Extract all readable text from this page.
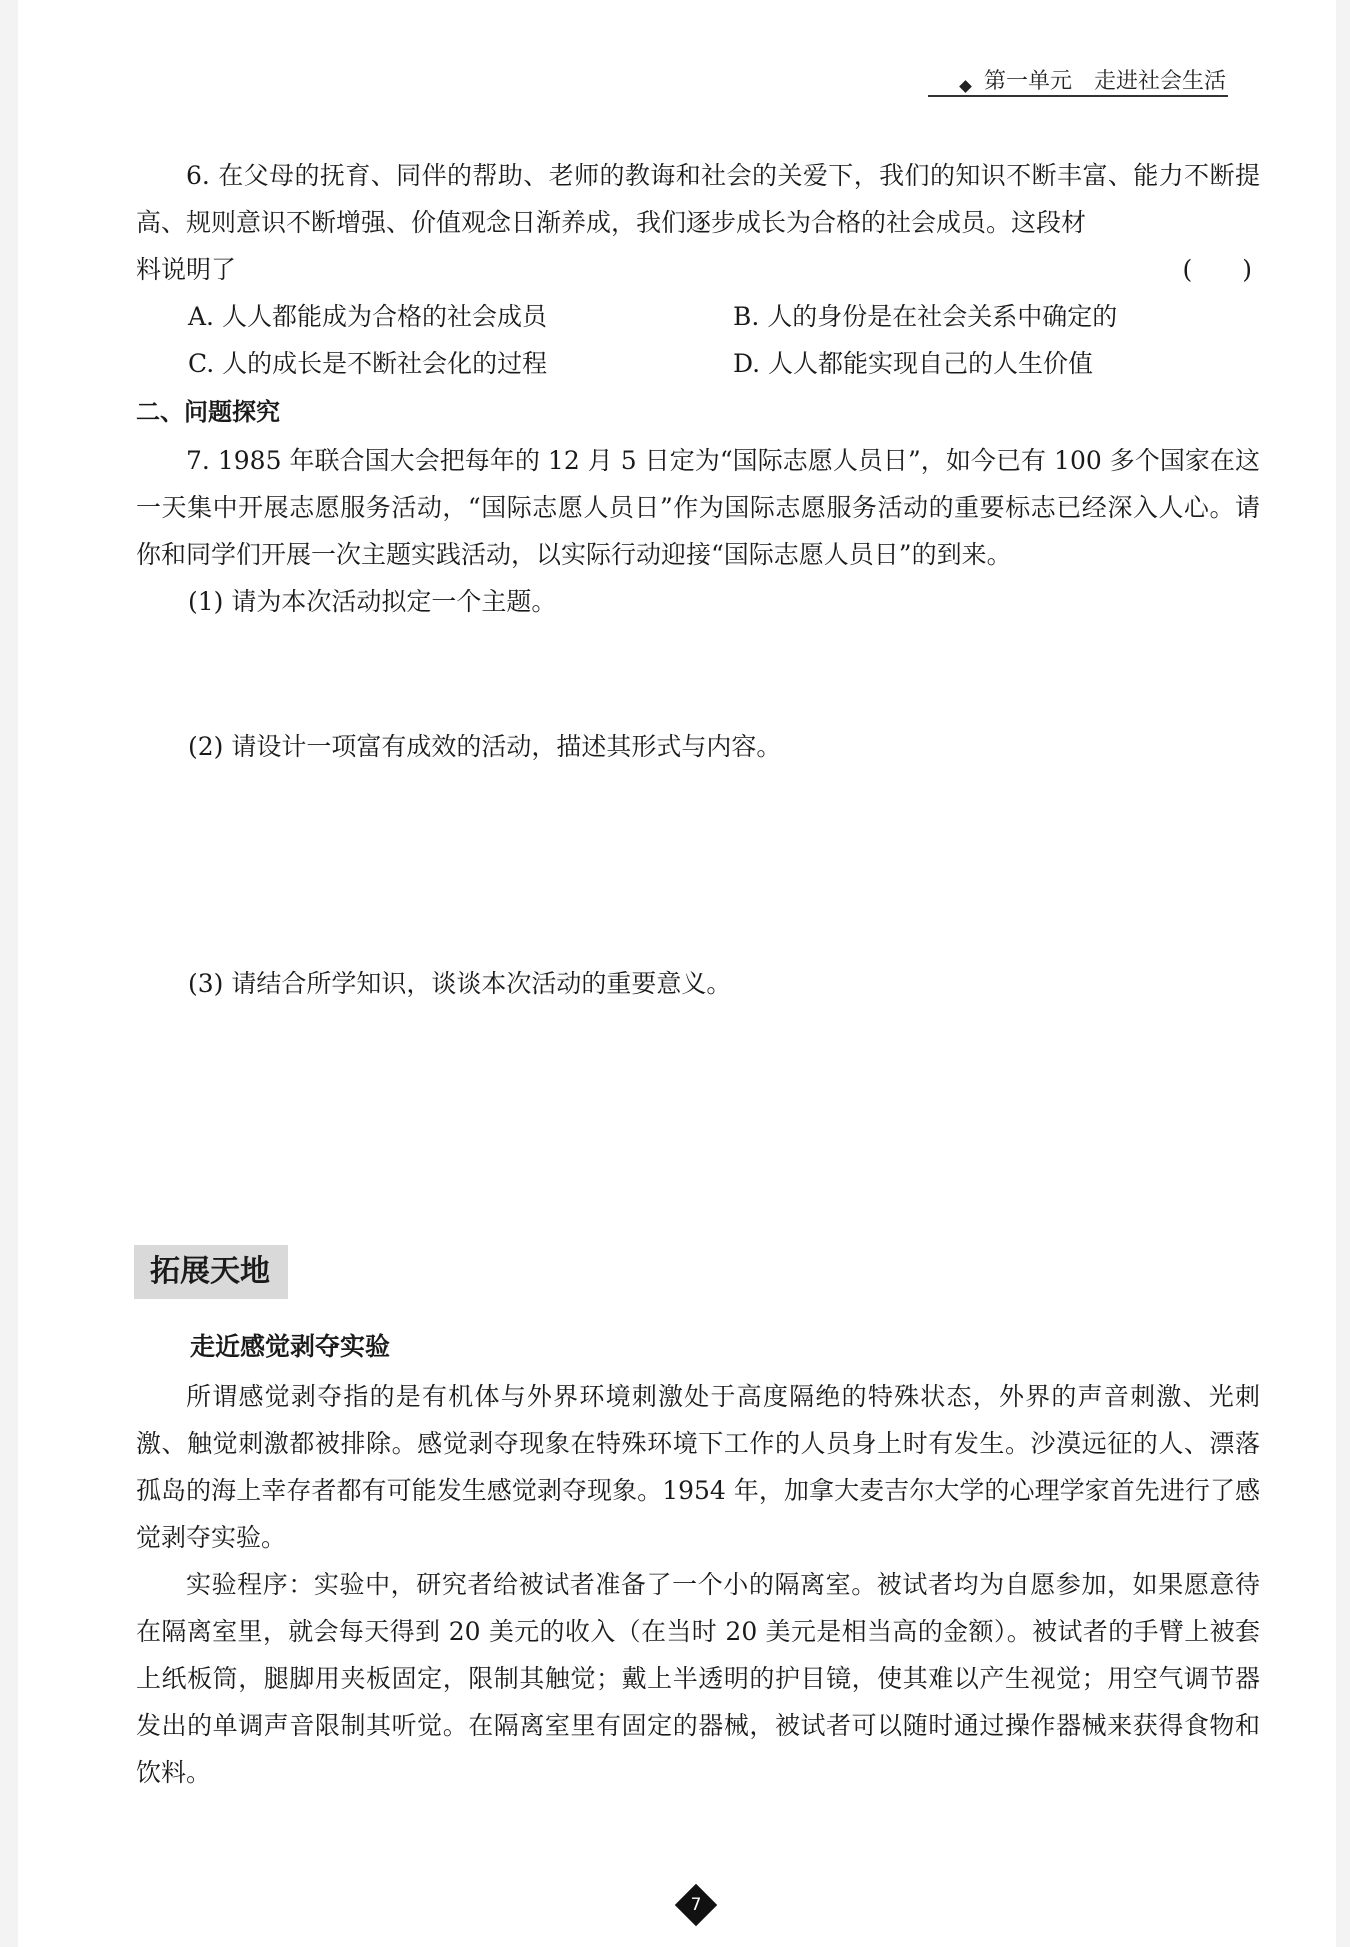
第一单元　走进社会生活

6. 在父母的抚育、同伴的帮助、老师的教诲和社会的关爱下，我们的知识不断丰富、能力不断提高、规则意识不断增强、价值观念日渐养成，我们逐步成长为合格的社会成员。这段材

料说明了	(　　)
A. 人人都能成为合格的社会成员	B. 人的身份是在社会关系中确定的
C. 人的成长是不断社会化的过程	D. 人人都能实现自己的人生价值
二、问题探究

7. 1985 年联合国大会把每年的 12 月 5 日定为“国际志愿人员日”，如今已有 100 多个国家在这一天集中开展志愿服务活动，“国际志愿人员日”作为国际志愿服务活动的重要标志已经深入人心。请你和同学们开展一次主题实践活动，以实际行动迎接“国际志愿人员日”的到来。

(1) 请为本次活动拟定一个主题。
(2) 请设计一项富有成效的活动，描述其形式与内容。
(3) 请结合所学知识，谈谈本次活动的重要意义。
拓展天地
走近感觉剥夺实验

所谓感觉剥夺指的是有机体与外界环境刺激处于高度隔绝的特殊状态，外界的声音刺激、光刺激、触觉刺激都被排除。感觉剥夺现象在特殊环境下工作的人员身上时有发生。沙漠远征的人、漂落孤岛的海上幸存者都有可能发生感觉剥夺现象。1954 年，加拿大麦吉尔大学的心理学家首先进行了感觉剥夺实验。

实验程序：实验中，研究者给被试者准备了一个小的隔离室。被试者均为自愿参加，如果愿意待在隔离室里，就会每天得到 20 美元的收入（在当时 20 美元是相当高的金额）。被试者的手臂上被套上纸板筒，腿脚用夹板固定，限制其触觉；戴上半透明的护目镜，使其难以产生视觉；用空气调节器发出的单调声音限制其听觉。在隔离室里有固定的器械，被试者可以随时通过操作器械来获得食物和饮料。

7
